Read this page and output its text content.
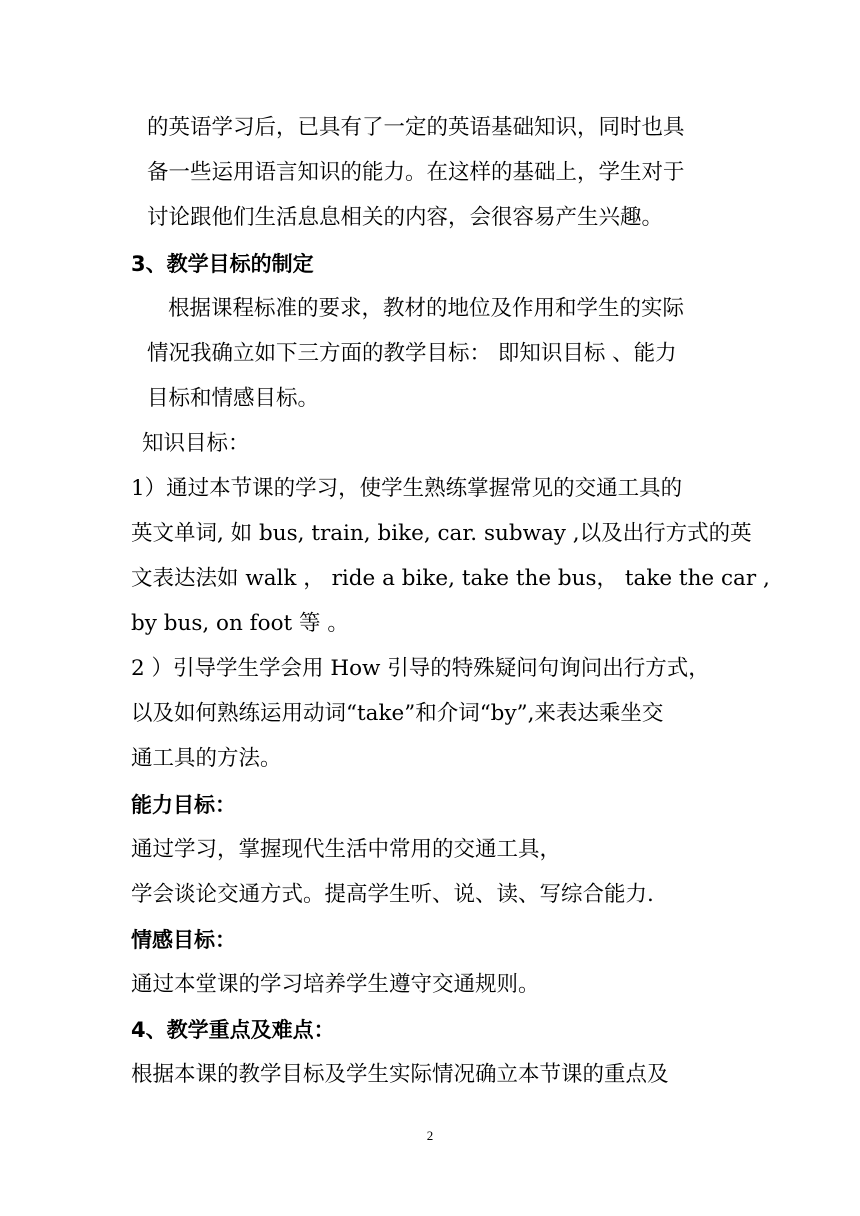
的英语学习后，已具有了一定的英语基础知识，同时也具
备一些运用语言知识的能力。在这样的基础上，学生对于
讨论跟他们生活息息相关的内容，会很容易产生兴趣。
3、教学目标的制定
根据课程标准的要求，教材的地位及作用和学生的实际
情况我确立如下三方面的教学目标： 即知识目标 、能力
目标和情感目标。
知识目标：
1）通过本节课的学习，使学生熟练掌握常见的交通工具的
英文单词, 如 bus, train, bike, car. subway ,以及出行方式的英
文表达法如 walk ， ride a bike, take the bus， take the car ,
by bus, on foot 等 。
2 ）引导学生学会用 How 引导的特殊疑问句询问出行方式，
以及如何熟练运用动词“take”和介词“by”,来表达乘坐交
通工具的方法。
能力目标：
通过学习，掌握现代生活中常用的交通工具，
学会谈论交通方式。提高学生听、说、读、写综合能力.
情感目标：
通过本堂课的学习培养学生遵守交通规则。
4、教学重点及难点：
根据本课的教学目标及学生实际情况确立本节课的重点及
2
